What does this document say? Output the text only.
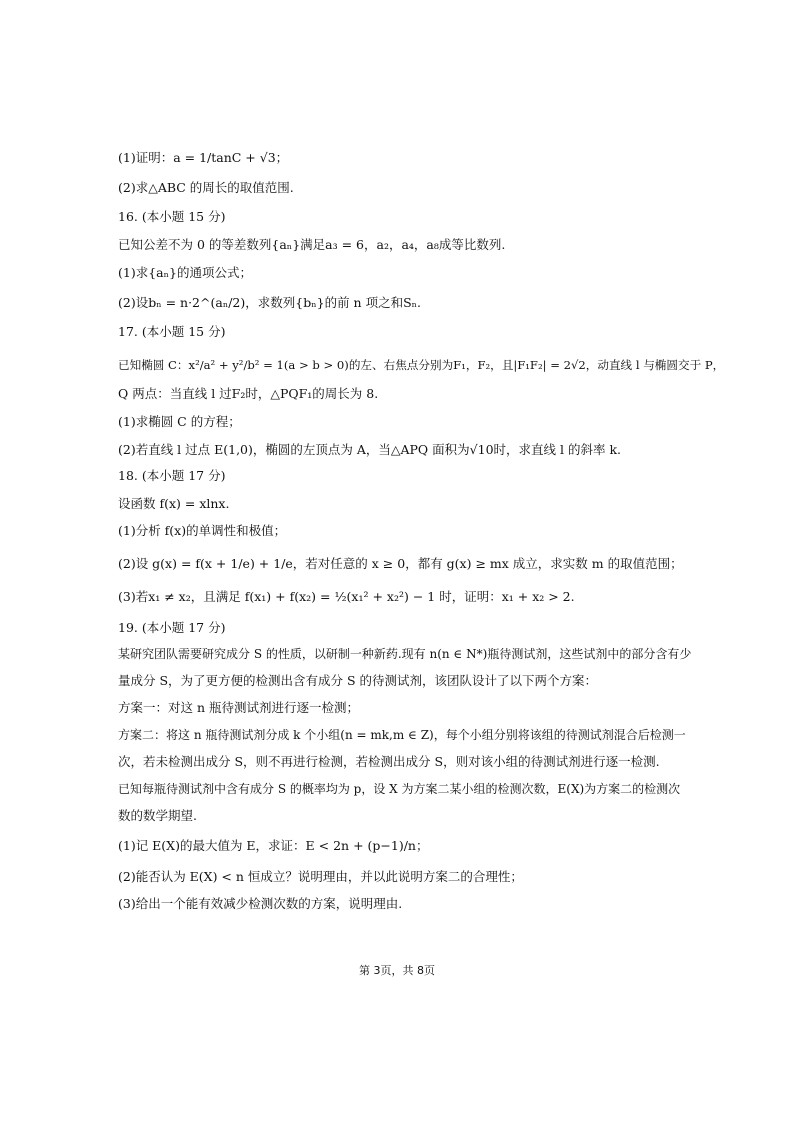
(1)证明：a = 1/tanC + √3；
(2)求△ABC 的周长的取值范围.
16. (本小题 15 分)
已知公差不为 0 的等差数列{aₙ}满足a₃ = 6，a₂，a₄，a₈成等比数列.
(1)求{aₙ}的通项公式；
(2)设bₙ = n·2^(aₙ/2)，求数列{bₙ}的前 n 项之和Sₙ.
17. (本小题 15 分)
已知椭圆 C：x²/a² + y²/b² = 1(a > b > 0)的左、右焦点分别为F₁，F₂，且|F₁F₂| = 2√2，动直线 l 与椭圆交于 P，
Q 两点：当直线 l 过F₂时，△PQF₁的周长为 8.
(1)求椭圆 C 的方程；
(2)若直线 l 过点 E(1,0)，椭圆的左顶点为 A，当△APQ 面积为√10时，求直线 l 的斜率 k.
18. (本小题 17 分)
设函数 f(x) = xlnx.
(1)分析 f(x)的单调性和极值；
(2)设 g(x) = f(x + 1/e) + 1/e，若对任意的 x ≥ 0，都有 g(x) ≥ mx 成立，求实数 m 的取值范围；
(3)若x₁ ≠ x₂，且满足 f(x₁) + f(x₂) = ½(x₁² + x₂²) − 1 时，证明：x₁ + x₂ > 2.
19. (本小题 17 分)
某研究团队需要研究成分 S 的性质，以研制一种新药.现有 n(n ∈ N*)瓶待测试剂，这些试剂中的部分含有少
量成分 S，为了更方便的检测出含有成分 S 的待测试剂，该团队设计了以下两个方案：
方案一：对这 n 瓶待测试剂进行逐一检测；
方案二：将这 n 瓶待测试剂分成 k 个小组(n = mk,m ∈ Z)，每个小组分别将该组的待测试剂混合后检测一
次，若未检测出成分 S，则不再进行检测，若检测出成分 S，则对该小组的待测试剂进行逐一检测.
已知每瓶待测试剂中含有成分 S 的概率均为 p，设 X 为方案二某小组的检测次数，E(X)为方案二的检测次
数的数学期望.
(1)记 E(X)的最大值为 E，求证：E < 2n + (p−1)/n；
(2)能否认为 E(X) < n 恒成立？说明理由，并以此说明方案二的合理性；
(3)给出一个能有效减少检测次数的方案，说明理由.
第 3页，共 8页
